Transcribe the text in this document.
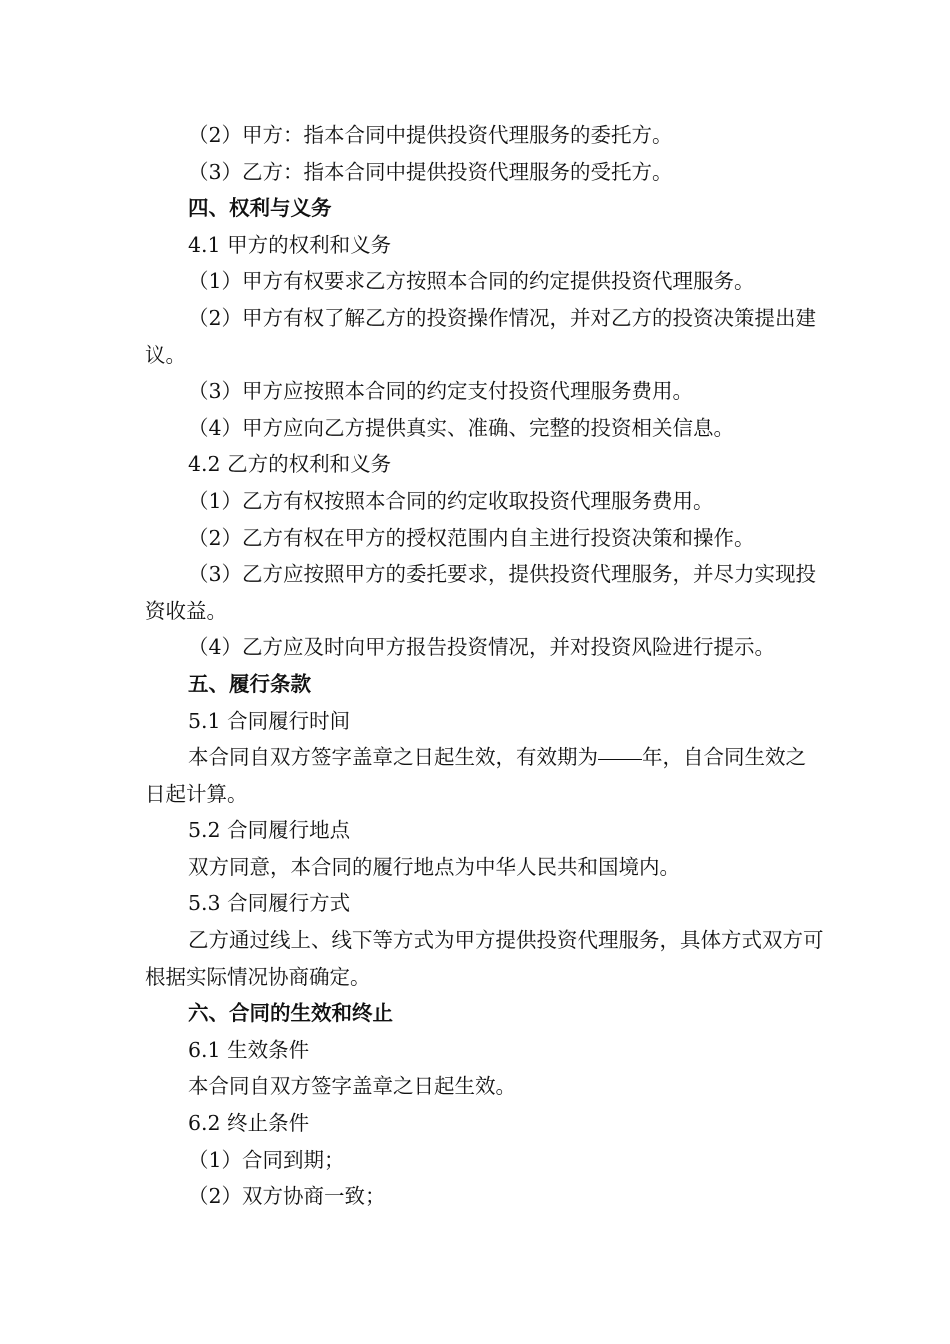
（2）甲方：指本合同中提供投资代理服务的委托方。

（3）乙方：指本合同中提供投资代理服务的受托方。

四、权利与义务

4.1 甲方的权利和义务

（1）甲方有权要求乙方按照本合同的约定提供投资代理服务。

（2）甲方有权了解乙方的投资操作情况，并对乙方的投资决策提出建议。

（3）甲方应按照本合同的约定支付投资代理服务费用。

（4）甲方应向乙方提供真实、准确、完整的投资相关信息。

4.2 乙方的权利和义务

（1）乙方有权按照本合同的约定收取投资代理服务费用。

（2）乙方有权在甲方的授权范围内自主进行投资决策和操作。

（3）乙方应按照甲方的委托要求，提供投资代理服务，并尽力实现投资收益。

（4）乙方应及时向甲方报告投资情况，并对投资风险进行提示。

五、履行条款

5.1 合同履行时间

本合同自双方签字盖章之日起生效，有效期为 年，自合同生效之日起计算。

5.2 合同履行地点

双方同意，本合同的履行地点为中华人民共和国境内。

5.3 合同履行方式

乙方通过线上、线下等方式为甲方提供投资代理服务，具体方式双方可根据实际情况协商确定。

六、合同的生效和终止

6.1 生效条件

本合同自双方签字盖章之日起生效。

6.2 终止条件

（1）合同到期；

（2）双方协商一致；
